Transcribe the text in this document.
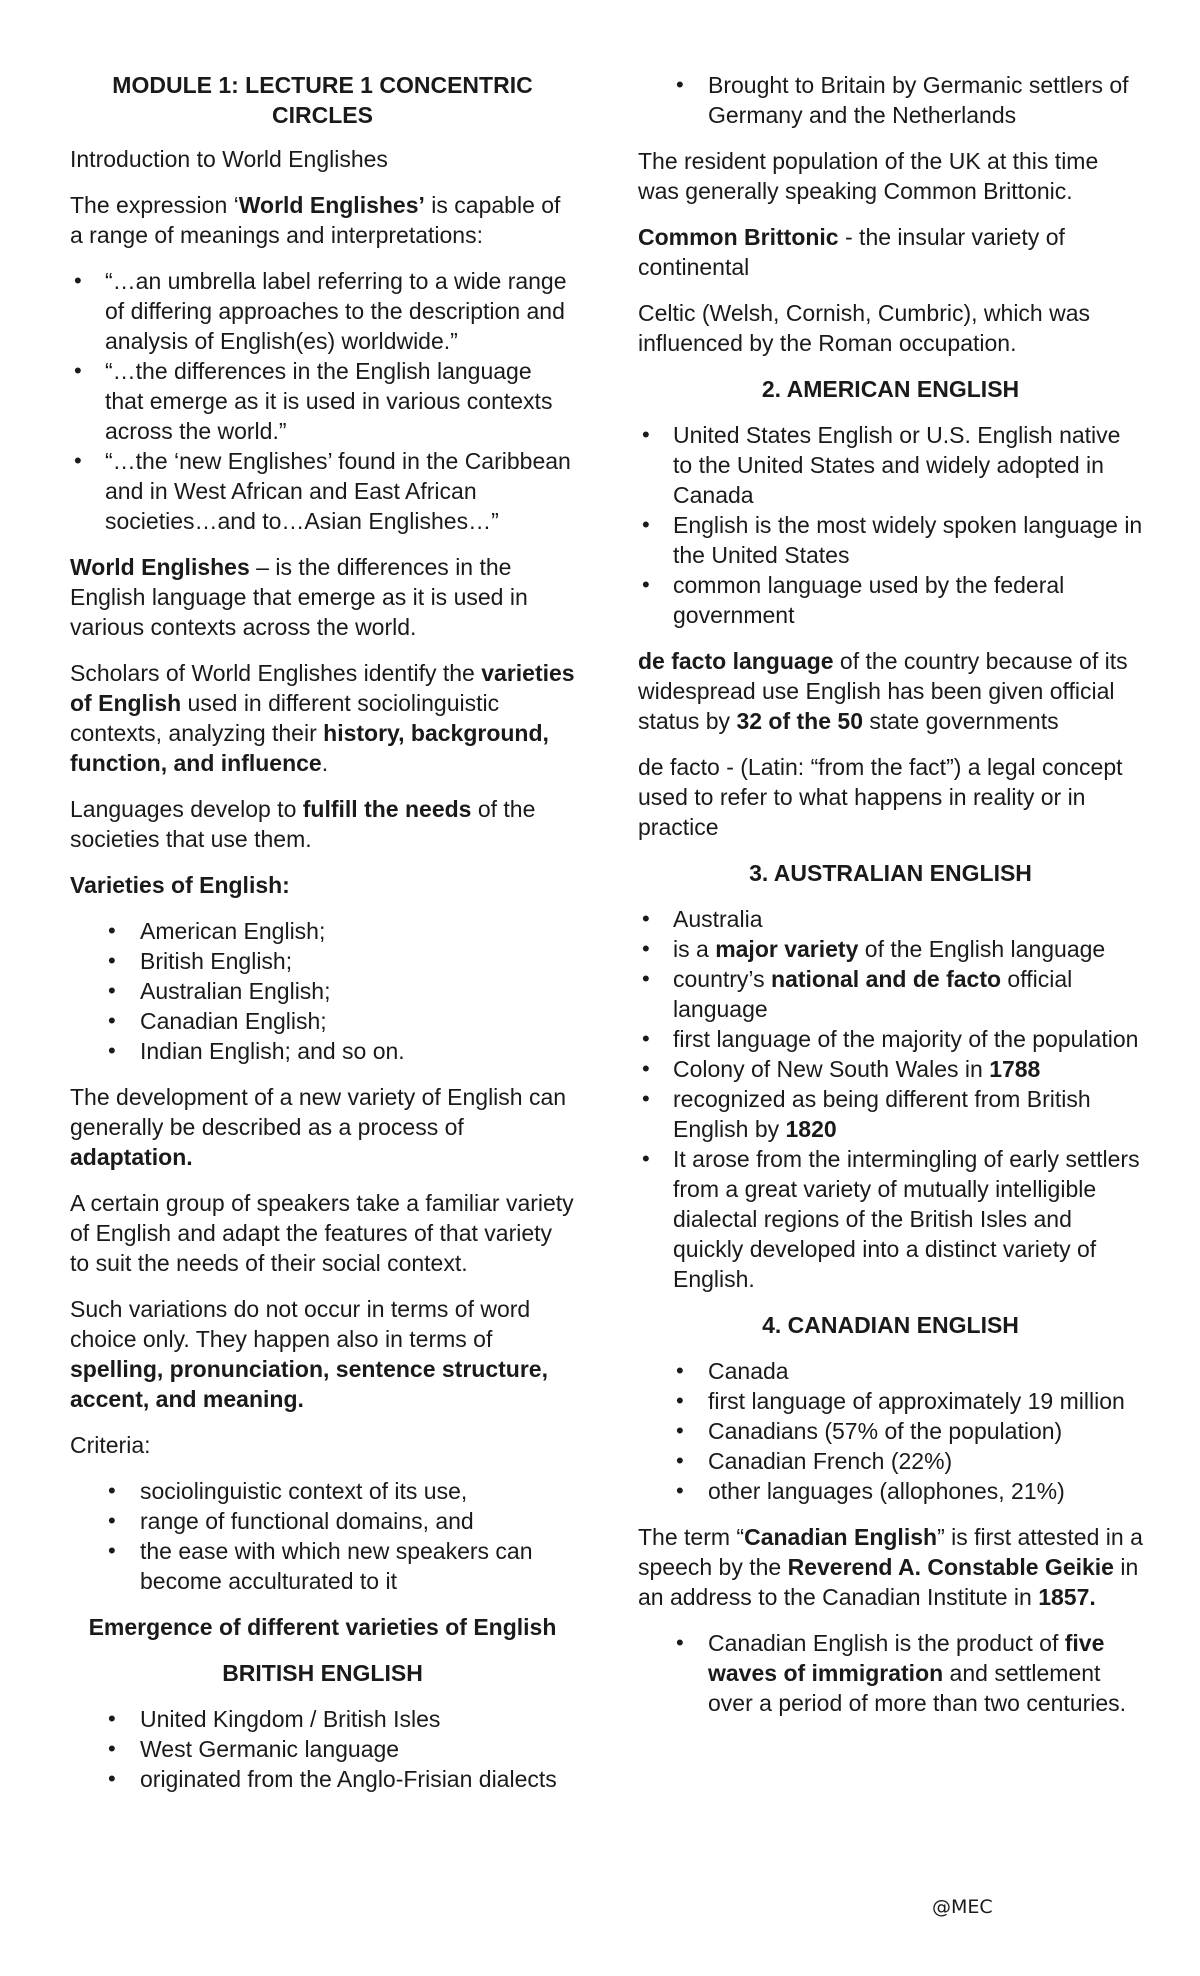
MODULE 1: LECTURE 1 CONCENTRIC CIRCLES

Introduction to World Englishes

The expression ‘World Englishes’ is capable of a range of meanings and interpretations:

• “…an umbrella label referring to a wide range of differing approaches to the description and analysis of English(es) worldwide.”
• “…the differences in the English language that emerge as it is used in various contexts across the world.”
• “…the ‘new Englishes’ found in the Caribbean and in West African and East African societies…and to…Asian Englishes…”

World Englishes – is the differences in the English language that emerge as it is used in various contexts across the world.

Scholars of World Englishes identify the varieties of English used in different sociolinguistic contexts, analyzing their history, background, function, and influence.

Languages develop to fulfill the needs of the societies that use them.

Varieties of English:

• American English;
• British English;
• Australian English;
• Canadian English;
• Indian English; and so on.

The development of a new variety of English can generally be described as a process of adaptation.

A certain group of speakers take a familiar variety of English and adapt the features of that variety to suit the needs of their social context.

Such variations do not occur in terms of word choice only. They happen also in terms of spelling, pronunciation, sentence structure, accent, and meaning.

Criteria:

• sociolinguistic context of its use,
• range of functional domains, and
• the ease with which new speakers can become acculturated to it
Emergence of different varieties of English
BRITISH ENGLISH
• United Kingdom / British Isles
• West Germanic language
• originated from the Anglo-Frisian dialects
• Brought to Britain by Germanic settlers of Germany and the Netherlands

The resident population of the UK at this time was generally speaking Common Brittonic.

Common Brittonic - the insular variety of continental

Celtic (Welsh, Cornish, Cumbric), which was influenced by the Roman occupation.

2. AMERICAN ENGLISH
• United States English or U.S. English native to the United States and widely adopted in Canada
• English is the most widely spoken language in the United States
• common language used by the federal government

de facto language of the country because of its widespread use English has been given official status by 32 of the 50 state governments

de facto - (Latin: “from the fact”) a legal concept used to refer to what happens in reality or in practice

3. AUSTRALIAN ENGLISH
• Australia
• is a major variety of the English language
• country’s national and de facto official language
• first language of the majority of the population
• Colony of New South Wales in 1788
• recognized as being different from British English by 1820
• It arose from the intermingling of early settlers from a great variety of mutually intelligible dialectal regions of the British Isles and quickly developed into a distinct variety of English.
4. CANADIAN ENGLISH
• Canada
• first language of approximately 19 million
• Canadians (57% of the population)
• Canadian French (22%)
• other languages (allophones, 21%)

The term “Canadian English” is first attested in a speech by the Reverend A. Constable Geikie in an address to the Canadian Institute in 1857.

• Canadian English is the product of five waves of immigration and settlement over a period of more than two centuries.
@MEC
